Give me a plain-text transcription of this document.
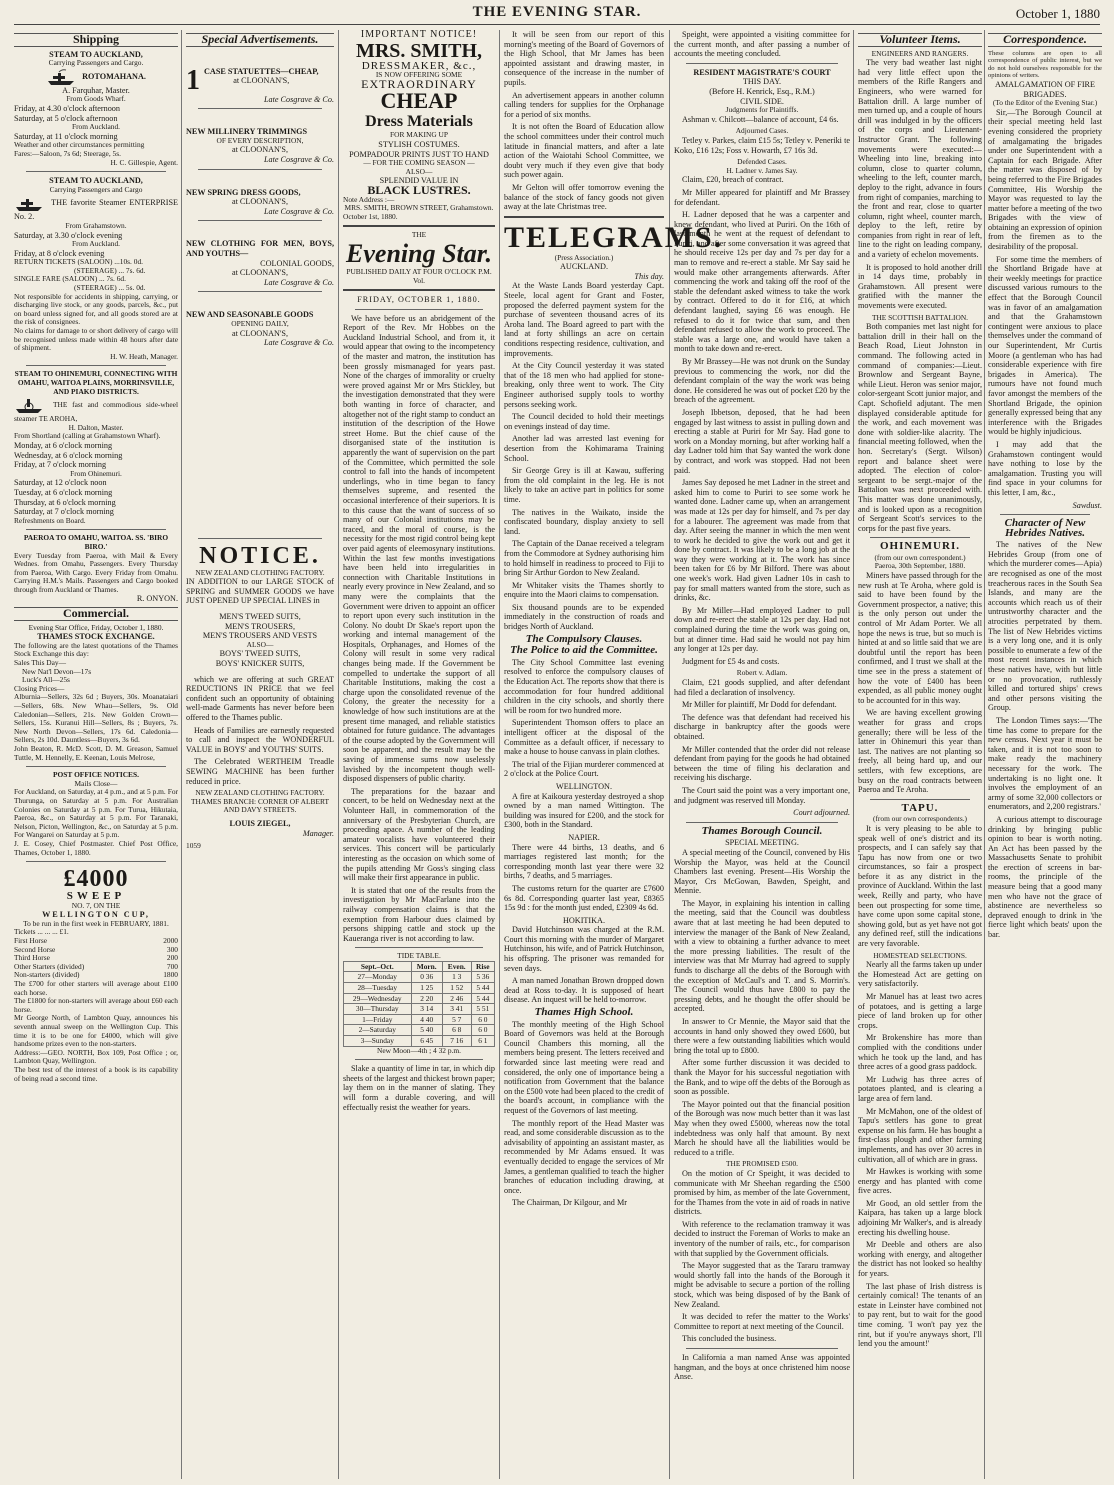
THE EVENING STAR.	October 1, 1880
Shipping
STEAM TO AUCKLAND,
Carrying Passengers and Cargo.
ROTOMAHANA.
A. Farquhar, Master.
From Goods Wharf.
Friday, at 4.30 o'clock afternoon
Saturday, at 5 o'clock afternoon
From Auckland.
Saturday, at 11 o'clock morning
Weather and other circumstances permitting
Fares:—Saloon, 7s 6d; Steerage, 5s.
H. C. Gillespie, Agent.
STEAM TO AUCKLAND,
Carrying Passengers and Cargo
THE favorite Steamer ENTERPRISE No. 2.
From Grahamstown.
Saturday, at 3.30 o'clock evening
From Auckland.
Friday, at 8 o'clock evening
RETURN TICKETS (SALOON) ...10s. 0d.
(STEERAGE) ... 7s. 6d.
SINGLE FARE (SALOON) ... 7s. 6d.
(STEERAGE) ... 5s. 0d.
Not responsible for accidents in shipping, carrying, or discharging live stock, or any goods, parcels, &c., put on board unless signed for, and all goods stored are at the risk of consignees.
No claims for damage to or short delivery of cargo will be recognised unless made within 48 hours after date of shipment.
H. W. Heath, Manager.
STEAM TO OHINEMURI, CONNECTING WITH OMAHU, WAITOA PLAINS, MORRINSVILLE, AND PIAKO DISTRICTS.
THE fast and commodious side-wheel steamer TE AROHA,
H. Dalton, Master.
From Shortland (calling at Grahamstown Wharf).
Monday, at 6 o'clock morning
Wednesday, at 6 o'clock morning
Friday, at 7 o'clock morning
From Ohinemuri.
Saturday, at 12 o'clock noon
Tuesday, at 6 o'clock morning
Thursday, at 6 o'clock morning
Saturday, at 7 o'clock morning
Refreshments on Board.
PAEROA TO OMAHU, WAITOA. SS. 'BIRO BIRO.'
Every Tuesday from Paeroa, with Mail & Every Wednes. from Omahu, Passengers. Every Thursday from Paeroa, With Cargo. Every Friday from Omahu. Carrying H.M.'s Mails. Passengers and Cargo booked through from Auckland or Thames.
R. ONYON.
Commercial.
Evening Star Office, Friday, October 1, 1880.
THAMES STOCK EXCHANGE.
The following are the latest quotations of the Thames Stock Exchange this day:
Sales This Day—
New Nat'l Devon—17s
Luck's All—25s
Closing Prices—
Alburnia—Sellers, 32s 6d ; Buyers, 30s. Moanataiari—Sellers, 68s. New Whau—Sellers, 9s. Old Caledonian—Sellers, 21s. New Golden Crown—Sellers, 15s. Kuranui Hill—Sellers, 8s ; Buyers, 7s. New North Devon—Sellers, 17s 6d. Caledonia—Sellers, 2s 10d. Dauntless—Buyers, 3s 6d.
John Beaton, R. McD. Scott, D. M. Greason, Samuel Tuttle, M. Hennelly, E. Keenan, Louis Melrose,
POST OFFICE NOTICES.
Mails Close—
For Auckland, on Saturday, at 4 p.m., and at 5 p.m. For Thurunga, on Saturday at 5 p.m. For Australian Colonies on Saturday at 5 p.m. For Turua, Hikutaia, Paeroa, &c., on Saturday at 5 p.m. For Taranaki, Nelson, Picton, Wellington, &c., on Saturday at 5 p.m. For Wangarei on Saturday at 5 p.m.
J. E. Cosey, Chief Postmaster. Chief Post Office, Thames, October 1, 1880.
£4000
SWEEP
NO. 7, ON THE
WELLINGTON CUP,
To be run in the first week in FEBRUARY, 1881.
Tickets ... ... ... £1.
First Horse	2000
Second Horse	300
Third Horse	200
Other Starters (divided)	700
Non-starters (divided)	1800
The £700 for other starters will average about £100 each horse.
The £1800 for non-starters will average about £60 each horse.
Mr George North, of Lambton Quay, announces his seventh annual sweep on the Wellington Cup. This time it is to be one for £4000, which will give handsome prizes even to the non-starters.
Address:—GEO. NORTH, Box 109, Post Office ; or, Lambton Quay, Wellington.
The best test of the interest of a book is its capability of being read a second time.
Special Advertisements.
1 CASE STATUETTES—CHEAP,
at CLOONAN'S,
Late Cosgrave & Co.
NEW MILLINERY TRIMMINGS
OF EVERY DESCRIPTION,
at CLOONAN'S,
Late Cosgrave & Co.
NEW SPRING DRESS GOODS,
at CLOONAN'S,
Late Cosgrave & Co.
NEW CLOTHING FOR MEN, BOYS, AND YOUTHS—
COLONIAL GOODS,
at CLOONAN'S,
Late Cosgrave & Co.
NEW AND SEASONABLE GOODS
OPENING DAILY,
at CLOONAN'S,
Late Cosgrave & Co.
NOTICE.
NEW ZEALAND CLOTHING FACTORY.
IN ADDITION to our LARGE STOCK of SPRING and SUMMER GOODS we have JUST OPENED UP SPECIAL LINES in
MEN'S TWEED SUITS,
MEN'S TROUSERS,
MEN'S TROUSERS AND VESTS
ALSO—
BOYS' TWEED SUITS,
BOYS' KNICKER SUITS,

which we are offering at such GREAT REDUCTIONS IN PRICE that we feel confident such an opportunity of obtaining well-made Garments has never before been offered to the Thames public.

Heads of Families are earnestly requested to call and inspect the WONDERFUL VALUE in BOYS' and YOUTHS' SUITS.

The Celebrated WERTHEIM Treadle SEWING MACHINE has been further reduced in price.

NEW ZEALAND CLOTHING FACTORY. THAMES BRANCH: CORNER OF ALBERT AND DAVY STREETS.
LOUIS ZIEGEL,
Manager.
1059
IMPORTANT NOTICE!
MRS. SMITH,
DRESSMAKER, &c.,
IS NOW OFFERING SOME
EXTRAORDINARY
CHEAP
Dress Materials
FOR MAKING UP
STYLISH COSTUMES.
POMPADOUR PRINTS JUST TO HAND
— FOR THE COMING SEASON —
ALSO—
SPLENDID VALUE IN
BLACK LUSTRES.
Note Address :—
MRS. SMITH, BROWN STREET, Grahamstown.
October 1st, 1880.
THE
Evening Star.
PUBLISHED DAILY AT FOUR O'CLOCK P.M.
Vol.
FRIDAY, OCTOBER 1, 1880.

We have before us an abridgement of the Report of the Rev. Mr Hobbes on the Auckland Industrial School, and from it, it would appear that owing to the incompetency of the master and matron, the institution has been grossly mismanaged for years past. None of the charges of immorality or cruelty were proved against Mr or Mrs Stickley, but the investigation demonstrated that they were both wanting in force of character, and altogether not of the right stamp to conduct an institution of the description of the Howe street Home. But the chief cause of the disorganised state of the institution is apparently the want of supervision on the part of the Committee, which permitted the sole control to fall into the hands of incompetent underlings, who in time began to fancy themselves supreme, and resented the occasional interference of their superiors. It is to this cause that the want of success of so many of our Colonial institutions may be traced, and the moral of course, is the necessity for the most rigid control being kept over paid agents of eleemosynary institutions. Within the last few months investigations have been held into irregularities in connection with Charitable Institutions in nearly every province in New Zealand, and so many were the complaints that the Government were driven to appoint an officer to report upon every such institution in the Colony. No doubt Dr Skae's report upon the working and internal management of the Hospitals, Orphanages, and Homes of the Colony will result in some very radical changes being made. If the Government be compelled to undertake the support of all Charitable Institutions, making the cost a charge upon the consolidated revenue of the Colony, the greater the necessity for a knowledge of how such institutions are at the present time managed, and reliable statistics obtained for future guidance. The advantages of the course adopted by the Government will soon be apparent, and the result may be the saving of immense sums now uselessly lavished by the incompetent though well-disposed dispensers of public charity.

The preparations for the bazaar and concert, to be held on Wednesday next at the Volunteer Hall, in commemoration of the anniversary of the Presbyterian Church, are proceeding apace. A number of the leading amateur vocalists have volunteered their services. This concert will be particularly interesting as the occasion on which some of the pupils attending Mr Goss's singing class will make their first appearance in public.

It is stated that one of the results from the investigation by Mr MacFarlane into the railway compensation claims is that the exemption from Harbour dues claimed by persons shipping cattle and stock up the Kaueranga river is not according to law.

TIDE TABLE.
Sept.–Oct.	Morn.	Even.	Rise
27—Monday	0 36	1 3	5 36
28—Tuesday	1 25	1 52	5 44
29—Wednesday	2 20	2 46	5 44
30—Thursday	3 14	3 41	5 51
1—Friday	4 40	5 7	6 0
2—Saturday	5 40	6 8	6 0
3—Sunday	6 45	7 16	6 1
New Moon—4th ; 4 32 p.m.

Slake a quantity of lime in tar, in which dip sheets of the largest and thickest brown paper; lay them on in the manner of slating. They will form a durable covering, and will effectually resist the weather for years.

It will be seen from our report of this morning's meeting of the Board of Governors of the High School, that Mr James has been appointed assistant and drawing master, in consequence of the increase in the number of pupils.

An advertisement appears in another column calling tenders for supplies for the Orphanage for a period of six months.

It is not often the Board of Education allow the school committees under their control much latitude in financial matters, and after a late action of the Waiotahi School Committee, we doubt very much if they even give that body such power again.

Mr Gelton will offer tomorrow evening the balance of the stock of fancy goods not given away at the late Christmas tree.

TELEGRAMS.
(Press Association.)
AUCKLAND.
This day.

At the Waste Lands Board yesterday Capt. Steele, local agent for Grant and Foster, proposed the deferred payment system for the purchase of seventeen thousand acres of its Aroha land. The Board agreed to part with the land at forty shillings an acre on certain conditions respecting residence, cultivation, and improvements.

At the City Council yesterday it was stated that of the 18 men who had applied for stone-breaking, only three went to work. The City Engineer authorised supply tools to worthy persons seeking work.

The Council decided to hold their meetings on evenings instead of day time.

Another lad was arrested last evening for desertion from the Kohimarama Training School.

Sir George Grey is ill at Kawau, suffering from the old complaint in the leg. He is not likely to take an active part in politics for some time.

The natives in the Waikato, inside the confiscated boundary, display anxiety to sell land.

The Captain of the Danae received a telegram from the Commodore at Sydney authorising him to hold himself in readiness to proceed to Fiji to bring Sir Arthur Gordon to New Zealand.

Mr Whitaker visits the Thames shortly to enquire into the Maori claims to compensation.

Six thousand pounds are to be expended immediately in the construction of roads and bridges North of Auckland.

The Compulsory Clauses.
The Police to aid the Committee.

The City School Committee last evening resolved to enforce the compulsory clauses of the Education Act. The reports show that there is accommodation for four hundred additional children in the city schools, and shortly there will be room for two hundred more.

Superintendent Thomson offers to place an intelligent officer at the disposal of the Committee as a default officer, if necessary to make a house to house canvass in plain clothes.

The trial of the Fijian murderer commenced at 2 o'clock at the Police Court.

WELLINGTON.

A fire at Kaikoura yesterday destroyed a shop owned by a man named Wittington. The building was insured for £200, and the stock for £300, both in the Standard.

NAPIER.

There were 44 births, 13 deaths, and 6 marriages registered last month; for the corresponding month last year there were 32 births, 7 deaths, and 5 marriages.

The customs return for the quarter are £7600 6s 8d. Corresponding quarter last year, £8365 15s 9d : for the month just ended, £2309 4s 6d.

HOKITIKA.

David Hutchinson was charged at the R.M. Court this morning with the murder of Margaret Hutchinson, his wife, and of Patrick Hutchinson, his offspring. The prisoner was remanded for seven days.

A man named Jonathan Brown dropped down dead at Ross to-day. It is supposed of heart disease. An inquest will be held to-morrow.

Thames High School.

The monthly meeting of the High School Board of Governors was held at the Borough Council Chambers this morning, all the members being present. The letters received and forwarded since last meeting were read and considered, the only one of importance being a notification from Government that the balance on the £500 vote had been placed to the credit of the board's account, in compliance with the request of the Governors of last meeting.

The monthly report of the Head Master was read, and some considerable discussion as to the advisability of appointing an assistant master, as recommended by Mr Adams ensued. It was eventually decided to engage the services of Mr James, a gentleman qualified to teach the higher branches of education including drawing, at once.

The Chairman, Dr Kilgour, and Mr

Speight, were appointed a visiting committee for the current month, and after passing a number of accounts the meeting concluded.

RESIDENT MAGISTRATE'S COURT
THIS DAY.
(Before H. Kenrick, Esq., R.M.)
CIVIL SIDE.
Judgments for Plaintiffs.

Ashman v. Chilcott—balance of account, £4 6s.

Adjourned Cases.

Tetley v. Parkes, claim £15 5s; Tetley v. Peneriki te Koko, £16 12s; Foss v. Howarth, £7 16s 3d.

Defended Cases.
H. Ladner v. James Say.

Claim, £20, breach of contract.

Mr Miller appeared for plaintiff and Mr Brassey for defendant.

H. Ladner deposed that he was a carpenter and knew defendant, who lived at Puriri. On the 16th of last month he went at the request of defendant to Puriri, and after some conversation it was agreed that he should receive 12s per day and 7s per day for a man to remove and re-erect a stable. Mr Say said he would make other arrangements afterwards. After commencing the work and taking off the roof of the stable the defendant asked witness to take the work by contract. Offered to do it for £16, at which defendant laughed, saying £6 was enough. He refused to do it for twice that sum, and then defendant refused to allow the work to proceed. The stable was a large one, and would have taken a month to take down and re-erect.

By Mr Brassey—He was not drunk on the Sunday previous to commencing the work, nor did the defendant complain of the way the work was being done. He considered he was out of pocket £20 by the breach of the agreement.

Joseph Ibbetson, deposed, that he had been engaged by last witness to assist in pulling down and erecting a stable at Puriri for Mr Say. Had gone to work on a Monday morning, but after working half a day Ladner told him that Say wanted the work done by contract, and work was stopped. Had not been paid.

James Say deposed he met Ladner in the street and asked him to come to Puriri to see some work he wanted done. Ladner came up, when an arrangement was made at 12s per day for himself, and 7s per day for a labourer. The agreement was made from that day. After seeing the manner in which the men went to work he decided to give the work out and get it done by contract. It was likely to be a long job at the way they were working at it. The work has since been taken for £6 by Mr Bilford. There was about one week's work. Had given Ladner 10s in cash to pay for small matters wanted from the store, such as drinks, &c.

By Mr Miller—Had employed Ladner to pull down and re-erect the stable at 12s per day. Had not complained during the time the work was going on, but at dinner time. Had said he would not pay him any longer at 12s per day.

Judgment for £5 4s and costs.

Robert v. Adlam.

Claim, £21 goods supplied, and after defendant had filed a declaration of insolvency.

Mr Miller for plaintiff, Mr Dodd for defendant.

The defence was that defendant had received his discharge in bankruptcy after the goods were obtained.

Mr Miller contended that the order did not release defendant from paying for the goods he had obtained between the time of filing his declaration and receiving his discharge.

The Court said the point was a very important one, and judgment was reserved till Monday.

Court adjourned.
Thames Borough Council.
SPECIAL MEETING.

A special meeting of the Council, convened by His Worship the Mayor, was held at the Council Chambers last evening. Present—His Worship the Mayor, Crs McGowan, Bawden, Speight, and Mennie.

The Mayor, in explaining his intention in calling the meeting, said that the Council was doubtless aware that at last meeting he had been deputed to interview the manager of the Bank of New Zealand, with a view to obtaining a further advance to meet the more pressing liabilities. The result of the interview was that Mr Murray had agreed to supply funds to discharge all the debts of the Borough with the exception of McCaul's and T. and S. Morrin's. The Council would thus have £800 to pay the pressing debts, and he thought the offer should be accepted.

In answer to Cr Mennie, the Mayor said that the accounts in hand only showed they owed £600, but there were a few outstanding liabilities which would bring the total up to £800.

After some further discussion it was decided to thank the Mayor for his successful negotiation with the Bank, and to wipe off the debts of the Borough as soon as possible.

The Mayor pointed out that the financial position of the Borough was now much better than it was last May when they owed £5000, whereas now the total indebtedness was only half that amount. By next March he should have all the liabilities would be reduced to a trifle.

THE PROMISED £500.

On the motion of Cr Speight, it was decided to communicate with Mr Sheehan regarding the £500 promised by him, as member of the late Government, for the Thames from the vote in aid of roads in native districts.

With reference to the reclamation tramway it was decided to instruct the Foreman of Works to make an inventory of the number of rails, etc., for comparison with that supplied by the Government officials.

The Mayor suggested that as the Tararu tramway would shortly fall into the hands of the Borough it might be advisable to secure a portion of the rolling stock, which was being disposed of by the Bank of New Zealand.

It was decided to refer the matter to the Works' Committee to report at next meeting of the Council.

This concluded the business.

In California a man named Anse was appointed hangman, and the boys at once christened him noose Anse.

Volunteer Items.
ENGINEERS AND RANGERS.

The very bad weather last night had very little effect upon the members of the Rifle Rangers and Engineers, who were warned for Battalion drill. A large number of men turned up, and a couple of hours drill was indulged in by the officers of the corps and Lieutenant-Instructor Grant. The following movements were executed:—Wheeling into line, breaking into column, close to quarter column, wheeling to the left, counter march, deploy to the right, advance in fours from right of companies, marching to the front and rear, close to quarter column, right wheel, counter march, deploy to the left, retire by companies from right in rear of left, line to the right on leading company, and a variety of echelon movements.

It is proposed to hold another drill in 14 days time, probably in Grahamstown. All present were gratified with the manner the movements were executed.

THE SCOTTISH BATTALION.

Both companies met last night for battalion drill in their hall on the Beach Road, Lieut Johnston in command. The following acted in command of companies:—Lieut. Brownlow and Sergeant Bayne, while Lieut. Heron was senior major, color-sergeant Scott junior major, and Capt. Schofield adjutant. The men displayed considerable aptitude for the work, and each movement was done with soldier-like alacrity. The financial meeting followed, when the hon. Secretary's (Sergt. Wilson) report and balance sheet were adopted. The election of color-sergeant to be sergt.-major of the Battalion was next proceeded with. This matter was done unanimously, and is looked upon as a recognition of Sergeant Scott's services to the corps for the past five years.

OHINEMURI.
(from our own correspondent.)
Paeroa, 30th September, 1880.

Miners have passed through for the new rush at Te Aroha, where gold is said to have been found by the Government prospector, a native; this is the only person out under the control of Mr Adam Porter. We all hope the news is true, but so much is hinted at and so little said that we are doubtful until the report has been confirmed, and I trust we shall at the time see in the press a statement of how the vote of £400 has been expended, as all public money ought to be accounted for in this way.

We are having excellent growing weather for grass and crops generally; there will be less of the latter in Ohinemuri this year than last. The natives are not planting so freely, all being hard up, and our settlers, with few exceptions, are busy on the road contracts between Paeroa and Te Aroha.

TAPU.
(from our own correspondents.)

It is very pleasing to be able to speak well of one's district and its prospects, and I can safely say that Tapu has now from one or two circumstances, so fair a prospect before it as any district in the province of Auckland. Within the last week, Reilly and party, who have been out prospecting for some time, have come upon some capital stone, showing gold, but as yet have not got any defined reef, still the indications are very favorable.

HOMESTEAD SELECTIONS.

Nearly all the farms taken up under the Homestead Act are getting on very satisfactorily.

Mr Manuel has at least two acres of potatoes, and is getting a large piece of land broken up for other crops.

Mr Brokenshire has more than complied with the conditions under which he took up the land, and has three acres of a good grass paddock.

Mr Ludwig has three acres of potatoes planted, and is clearing a large area of fern land.

Mr McMahon, one of the oldest of Tapu's settlers has gone to great expense on his farm. He has bought a first-class plough and other farming implements, and has over 30 acres in cultivation, all of which are in grass.

Mr Hawkes is working with some energy and has planted with come five acres.

Mr Good, an old settler from the Kaipara, has taken up a large block adjoining Mr Walker's, and is already erecting his dwelling house.

Mr Deeble and others are also working with energy, and altogether the district has not looked so healthy for years.

The last phase of Irish distress is certainly comical! The tenants of an estate in Leinster have combined not to pay rent, but to wait for the good time coming. 'I won't pay yez the rint, but if you're anyways short, I'll lend you the amount!'

Correspondence.
These columns are open to all correspondence of public interest, but we do not hold ourselves responsible for the opinions of writers.
AMALGAMATION OF FIRE BRIGADES.
(To the Editor of the Evening Star.)

Sir,—The Borough Council at their special meeting held last evening considered the propriety of amalgamating the brigades under one Superintendent with a Captain for each Brigade. After the matter was disposed of by being referred to the Fire Brigades Committee, His Worship the Mayor was requested to lay the matter before a meeting of the two Brigades with the view of obtaining an expression of opinion from the firemen as to the desirability of the proposal.

For some time the members of the Shortland Brigade have at their weekly meetings for practice discussed various rumours to the effect that the Borough Council was in favor of an amalgamation and that the Grahamstown contingent were anxious to place themselves under the command of our Superintendent, Mr Curtis Moore (a gentleman who has had considerable experience with fire brigades in America). The rumours have not found much favor amongst the members of the Shortland Brigade, the opinion generally expressed being that any interference with the Brigades would be highly injudicious.

I may add that the Grahamstown contingent would have nothing to lose by the amalgamation. Trusting you will find space in your columns for this letter, I am, &c.,

Sawdust.
Character of New Hebrides Natives.

The natives of the New Hebrides Group (from one of which the murderer comes—Apia) are recognised as one of the most treacherous races in the South Sea Islands, and many are the accounts which reach us of their untrustworthy character and the atrocities perpetrated by them. The list of New Hebrides victims is a very long one, and it is only possible to enumerate a few of the most recent instances in which these natives have, with but little or no provocation, ruthlessly killed and tortured ships' crews and other persons visiting the Group.

The London Times says:—'The time has come to prepare for the new census. Next year it must be taken, and it is not too soon to make ready the machinery necessary for the work. The undertaking is no light one. It involves the employment of an army of some 32,000 collectors or enumerators, and 2,200 registrars.'

A curious attempt to discourage drinking by bringing public opinion to bear is worth noting. An Act has been passed by the Massachusetts Senate to prohibit the erection of screens in bar-rooms, the principle of the measure being that a good many men who have not the grace of abstinence are nevertheless so depraved enough to drink in 'the fierce light which beats' upon the bar.
